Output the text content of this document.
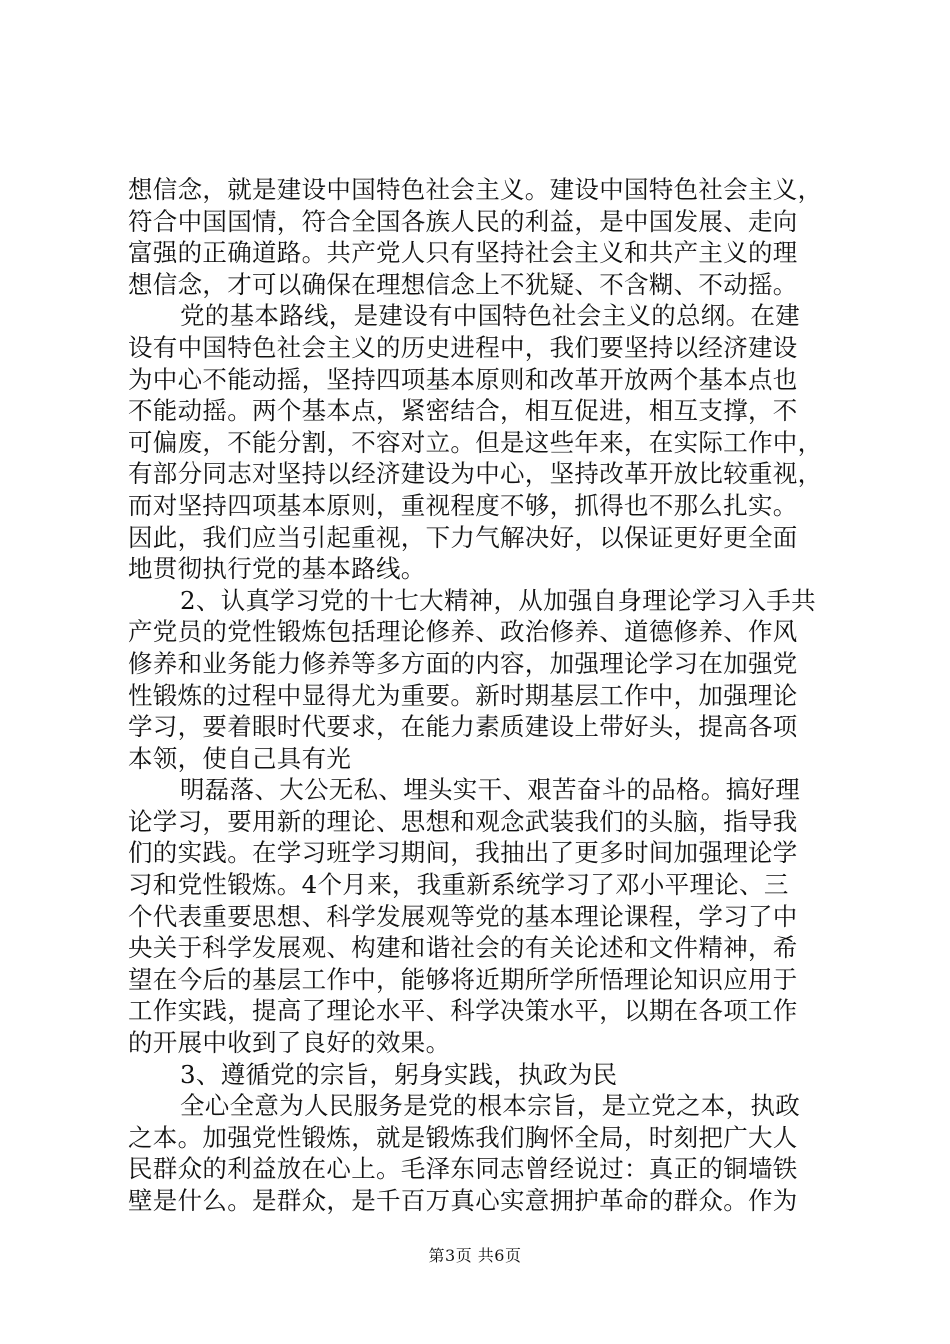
想信念，就是建设中国特色社会主义。建设中国特色社会主义，
符合中国国情，符合全国各族人民的利益，是中国发展、走向
富强的正确道路。共产党人只有坚持社会主义和共产主义的理
想信念，才可以确保在理想信念上不犹疑、不含糊、不动摇。
党的基本路线，是建设有中国特色社会主义的总纲。在建
设有中国特色社会主义的历史进程中，我们要坚持以经济建设
为中心不能动摇，坚持四项基本原则和改革开放两个基本点也
不能动摇。两个基本点，紧密结合，相互促进，相互支撑，不
可偏废，不能分割，不容对立。但是这些年来，在实际工作中，
有部分同志对坚持以经济建设为中心，坚持改革开放比较重视，
而对坚持四项基本原则，重视程度不够，抓得也不那么扎实。
因此，我们应当引起重视，下力气解决好，以保证更好更全面
地贯彻执行党的基本路线。
2、认真学习党的十七大精神，从加强自身理论学习入手共
产党员的党性锻炼包括理论修养、政治修养、道德修养、作风
修养和业务能力修养等多方面的内容，加强理论学习在加强党
性锻炼的过程中显得尤为重要。新时期基层工作中，加强理论
学习，要着眼时代要求，在能力素质建设上带好头，提高各项
本领，使自己具有光
明磊落、大公无私、埋头实干、艰苦奋斗的品格。搞好理
论学习，要用新的理论、思想和观念武装我们的头脑，指导我
们的实践。在学习班学习期间，我抽出了更多时间加强理论学
习和党性锻炼。4个月来，我重新系统学习了邓小平理论、三
个代表重要思想、科学发展观等党的基本理论课程，学习了中
央关于科学发展观、构建和谐社会的有关论述和文件精神，希
望在今后的基层工作中，能够将近期所学所悟理论知识应用于
工作实践，提高了理论水平、科学决策水平，以期在各项工作
的开展中收到了良好的效果。
3、遵循党的宗旨，躬身实践，执政为民
全心全意为人民服务是党的根本宗旨，是立党之本，执政
之本。加强党性锻炼，就是锻炼我们胸怀全局，时刻把广大人
民群众的利益放在心上。毛泽东同志曾经说过：真正的铜墙铁
壁是什么。是群众，是千百万真心实意拥护革命的群众。作为
第3页 共6页
